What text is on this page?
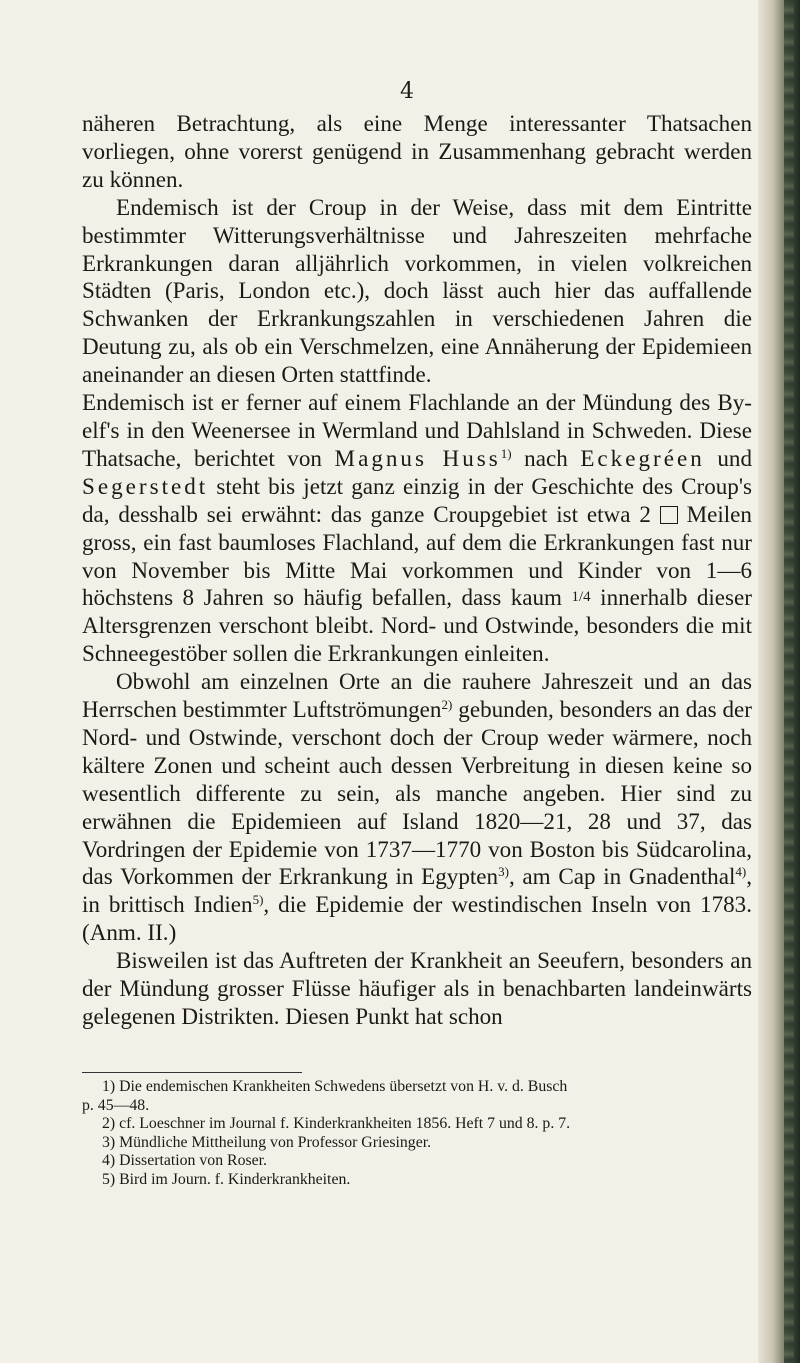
4

näheren Betrachtung, als eine Menge interessanter Thatsachen vorliegen, ohne vorerst genügend in Zusammenhang gebracht werden zu können.

Endemisch ist der Croup in der Weise, dass mit dem Eintritte bestimmter Witterungsverhältnisse und Jahreszeiten mehrfache Erkrankungen daran alljährlich vorkommen, in vielen volkreichen Städten (Paris, London etc.), doch lässt auch hier das auffallende Schwanken der Erkrankungszahlen in verschiedenen Jahren die Deutung zu, als ob ein Verschmelzen, eine Annäherung der Epidemieen aneinander an diesen Orten stattfinde.

Endemisch ist er ferner auf einem Flachlande an der Mündung des By-elf's in den Weenersee in Wermland und Dahlsland in Schweden. Diese Thatsache, berichtet von Magnus Huss$^{1)}$ nach Eckegréen und Segerstedt steht bis jetzt ganz einzig in der Geschichte des Croup's da, desshalb sei erwähnt: das ganze Croupgebiet ist etwa 2 Meilen gross, ein fast baumloses Flachland, auf dem die Erkrankungen fast nur von November bis Mitte Mai vorkommen und Kinder von 1—6 höchstens 8 Jahren so häufig befallen, dass kaum 1/4 innerhalb dieser Altersgrenzen verschont bleibt. Nord- und Ostwinde, besonders die mit Schneegestöber sollen die Erkrankungen einleiten.

Obwohl am einzelnen Orte an die rauhere Jahreszeit und an das Herrschen bestimmter Luftströmungen$^{2)}$ gebunden, besonders an das der Nord- und Ostwinde, verschont doch der Croup weder wärmere, noch kältere Zonen und scheint auch dessen Verbreitung in diesen keine so wesentlich differente zu sein, als manche angeben. Hier sind zu erwähnen die Epidemieen auf Island 1820—21, 28 und 37, das Vordringen der Epidemie von 1737—1770 von Boston bis Südcarolina, das Vorkommen der Erkrankung in Egypten$^{3)}$, am Cap in Gnadenthal$^{4)}$, in brittisch Indien$^{5)}$, die Epidemie der westindischen Inseln von 1783. (Anm. II.)

Bisweilen ist das Auftreten der Krankheit an Seeufern, besonders an der Mündung grosser Flüsse häufiger als in benachbarten landeinwärts gelegenen Distrikten. Diesen Punkt hat schon

1) Die endemischen Krankheiten Schwedens übersetzt von H. v. d. Busch
p. 45—48.
2) cf. Loeschner im Journal f. Kinderkrankheiten 1856. Heft 7 und 8. p. 7.
3) Mündliche Mittheilung von Professor Griesinger.
4) Dissertation von Roser.
5) Bird im Journ. f. Kinderkrankheiten.
